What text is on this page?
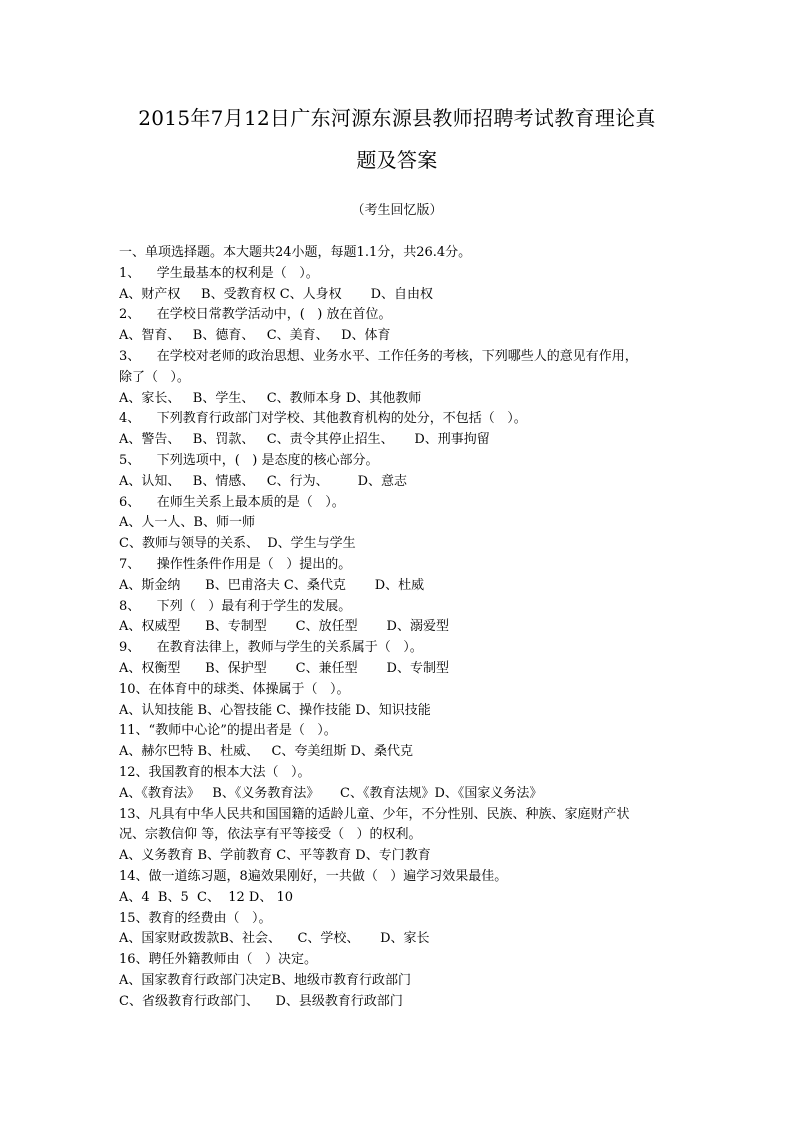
2015年7月12日广东河源东源县教师招聘考试教育理论真
题及答案
（考生回忆版）
一、单项选择题。本大题共24小题，每题1.1分，共26.4分。
1、    学生最基本的权利是（   ）。
A、财产权     B、受教育权 C、人身权       D、自由权
2、    在学校日常教学活动中，(   ) 放在首位。
A、智育、   B、德育、   C、美育、   D、体育
3、    在学校对老师的政治思想、业务水平、工作任务的考核，下列哪些人的意见有作用，
除了（   ）。
A、家长、   B、学生、   C、教师本身 D、其他教师
4、    下列教育行政部门对学校、其他教育机构的处分，不包括（   ）。
A、警告、   B、罚款、   C、责令其停止招生、     D、刑事拘留
5、    下列选项中，(   ) 是态度的核心部分。
A、认知、   B、情感、   C、行为、       D、意志
6、    在师生关系上最本质的是（   ）。
A、人一人、B、师一师
C、教师与领导的关系、  D、学生与学生
7、    操作性条件作用是（   ）提出的。
A、斯金纳      B、巴甫洛夫 C、桑代克       D、杜威
8、    下列（   ）最有利于学生的发展。
A、权威型      B、专制型       C、放任型       D、溺爱型
9、    在教育法律上，教师与学生的关系属于（   ）。
A、权衡型      B、保护型       C、兼任型       D、专制型
10、在体育中的球类、体操属于（   ）。
A、认知技能 B、心智技能 C、操作技能 D、知识技能
11、“教师中心论”的提出者是（   ）。
A、赫尔巴特 B、杜威、   C、夸美纽斯 D、桑代克
12、我国教育的根本大法（   ）。
A、《教育法》   B、《义务教育法》     C、《教育法规》D、《国家义务法》
13、凡具有中华人民共和国国籍的适龄儿童、少年，不分性别、民族、种族、家庭财产状
况、宗教信仰 等，依法享有平等接受（   ）的权利。
A、义务教育 B、学前教育 C、平等教育 D、专门教育
14、做一道练习题，8遍效果刚好，一共做（   ）遍学习效果最佳。
A、4  B、5  C、  12 D、 10
15、教育的经费由（   ）。
A、国家财政拨款B、社会、    C、学校、     D、家长
16、聘任外籍教师由（   ）决定。
A、国家教育行政部门决定B、地级市教育行政部门
C、省级教育行政部门、    D、县级教育行政部门
